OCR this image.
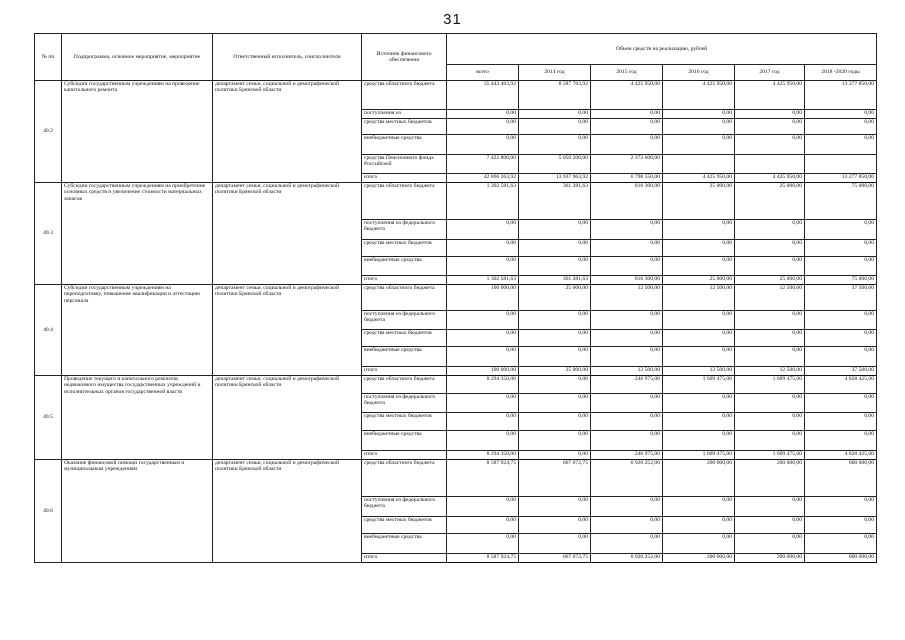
31
№ пп	Подпрограмма, основное мероприятие, мероприятие	Ответственный исполнитель, соисполнители	Источник финансового обеспечения	Объем средств на реализацию, рублей					
				всего	2014 год	2015 год	2016 год	2017 год	2018 -2020 годы
40.2	Субсидии государственным учреждениям на проведение капитального ремонта	департамент семьи, социальной и демографической политики Брянской области	средства областного бюджета	35 443 463,92	8 587 763,92	4 425 950,00	4 425 950,00	4 425 950,00	13 277 850,00
			поступления из	0,00	0,00	0,00	0,00	0,00	0,00
			средства местных бюджетов	0,00	0,00	0,00	0,00	0,00	0,00
			внебюджетные средства	0,00	0,00	0,00	0,00	0,00	0,00
			средства Пенсионного фонда Российской	7 422 800,00	5 050 200,00	2 372 600,00			
			итого	42 866 263,92	13 937 963,92	6 798 550,00	4 425 950,00	4 425 950,00	13 277 850,00
40.3	Субсидии государственным учреждениям на приобретение основных средств и увеличение стоимости материальных запасов	департамент семьи, социальной и демографической политики Брянской области	средства областного бюджета	1 302 581,63	361 281,63	816 300,00	25 000,00	25 000,00	75 000,00
			поступления из федерального бюджета	0,00	0,00	0,00	0,00	0,00	0,00
			средства местных бюджетов	0,00	0,00	0,00	0,00	0,00	0,00
			внебюджетные средства	0,00	0,00	0,00	0,00	0,00	0,00
			итого	1 302 581,63	361 281,63	816 300,00	25 000,00	25 000,00	75 000,00
40.4	Субсидии государственным учреждениям на переподготовку, повышение квалификации и аттестацию персонала	департамент семьи, социальной и демографической политики Брянской области	средства областного бюджета	100 000,00	25 000,00	12 500,00	12 500,00	12 500,00	37 500,00
			поступления из федерального бюджета	0,00	0,00	0,00	0,00	0,00	0,00
			средства местных бюджетов	0,00	0,00	0,00	0,00	0,00	0,00
			внебюджетные средства	0,00	0,00	0,00	0,00	0,00	0,00
			итого	100 000,00	25 000,00	12 500,00	12 500,00	12 500,00	37 500,00
40.5	Проведение текущего и капитального ремонтов недвижимого имущества государственных учреждений и исполнительных органов государственной власти	департамент семьи, социальной и демографической политики Брянской области	средства областного бюджета	8 294 350,00	0,00	246 975,00	1 609 475,00	1 609 475,00	4 828 425,00
			поступления из федерального бюджета	0,00	0,00	0,00	0,00	0,00	0,00
			средства местных бюджетов	0,00	0,00	0,00	0,00	0,00	0,00
			внебюджетные средства	0,00	0,00	0,00	0,00	0,00	0,00
			итого	8 294 350,00	0,00	246 975,00	1 609 475,00	1 609 475,00	4 828 425,00
40.6	Оказание финансовой помощи государственным и муниципальным учреждениям	департамент семьи, социальной и демографической политики Брянской области	средства областного бюджета	8 587 924,75	667 672,75	6 920 252,00	200 000,00	200 000,00	600 000,00
			поступления из федерального бюджета	0,00	0,00	0,00	0,00	0,00	0,00
			средства местных бюджетов	0,00	0,00	0,00	0,00	0,00	0,00
			внебюджетные средства	0,00	0,00	0,00	0,00	0,00	0,00
			итого	8 587 924,75	667 672,75	6 920 252,00	200 000,00	200 000,00	600 000,00
